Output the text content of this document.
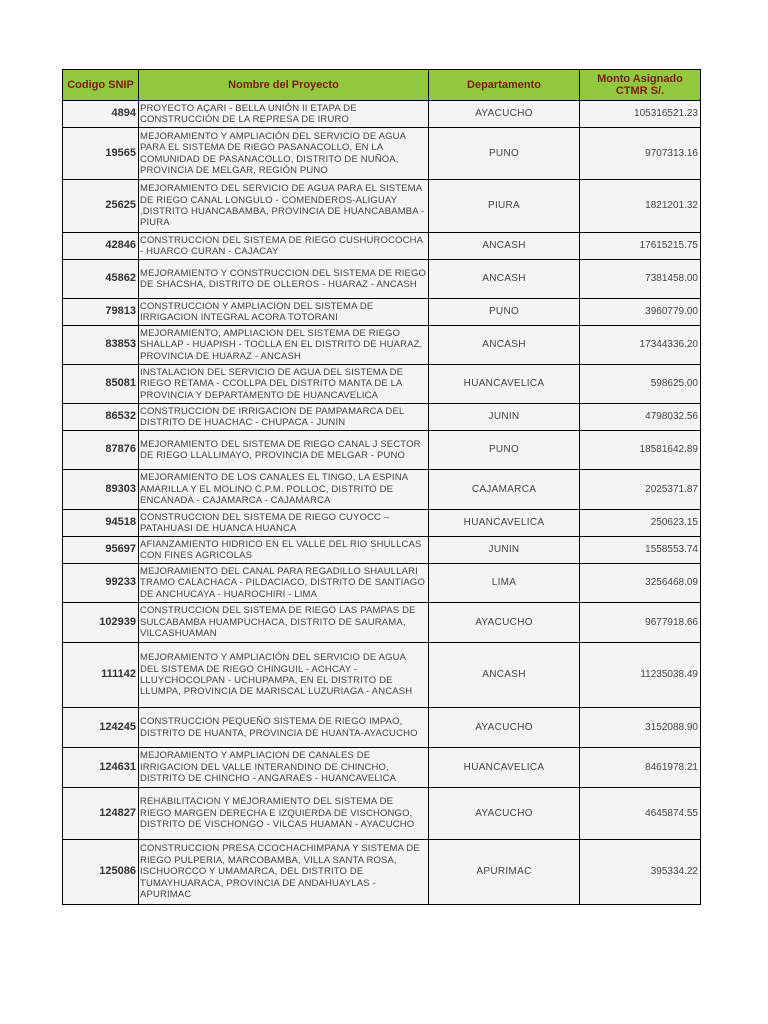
Codigo SNIP	Nombre del Proyecto	Departamento	Monto Asignado CTMR S/.
4894	PROYECTO AÇARI - BELLA UNIÓN II ETAPA DE CONSTRUCCIÓN DE LA REPRESA DE IRURO	AYACUCHO	105316521.23
19565	MEJORAMIENTO Y AMPLIACIÓN DEL SERVICIO DE AGUA PARA EL SISTEMA DE RIEGO PASANACOLLO, EN LA COMUNIDAD DE PASANACOLLO, DISTRITO DE NUÑOA, PROVINCIA DE MELGAR, REGIÓN PUNO	PUNO	9707313.16
25625	MEJORAMIENTO DEL SERVICIO DE AGUA PARA EL SISTEMA DE RIEGO CANAL LONGULO - COMENDEROS-ALIGUAY ,DISTRITO HUANCABAMBA, PROVINCIA DE HUANCABAMBA - PIURA	PIURA	1821201.32
42846	CONSTRUCCION DEL SISTEMA DE RIEGO CUSHUROCOCHA - HUARCO CURAN - CAJACAY	ANCASH	17615215.75
45862	MEJORAMIENTO Y CONSTRUCCION DEL SISTEMA DE RIEGO DE SHACSHA, DISTRITO DE OLLEROS - HUARAZ - ANCASH	ANCASH	7381458.00
79813	CONSTRUCCION Y AMPLIACION DEL SISTEMA DE IRRIGACION INTEGRAL ACORA TOTORANI	PUNO	3960779.00
83853	MEJORAMIENTO, AMPLIACION DEL SISTEMA DE RIEGO SHALLAP - HUAPISH - TOCLLA EN EL DISTRITO DE HUARAZ, PROVINCIA DE HUARAZ - ANCASH	ANCASH	17344336.20
85081	INSTALACION DEL SERVICIO DE AGUA DEL SISTEMA DE RIEGO RETAMA - CCOLLPA DEL DISTRITO MANTA DE LA PROVINCIA Y DEPARTAMENTO DE HUANCAVELICA	HUANCAVELICA	598625.00
86532	CONSTRUCCION DE IRRIGACION DE PAMPAMARCA DEL DISTRITO DE HUACHAC - CHUPACA - JUNIN	JUNIN	4798032.56
87876	MEJORAMIENTO DEL SISTEMA DE RIEGO CANAL J SECTOR DE RIEGO LLALLIMAYO, PROVINCIA DE MELGAR - PUNO	PUNO	18581642.89
89303	MEJORAMIENTO DE LOS CANALES EL TINGO, LA ESPINA AMARILLA Y EL MOLINO C.P.M. POLLOC, DISTRITO DE ENCANADA - CAJAMARCA - CAJAMARCA	CAJAMARCA	2025371.87
94518	CONSTRUCCION DEL SISTEMA DE RIEGO CUYOCC – PATAHUASI DE HUANCA HUANCA	HUANCAVELICA	250623.15
95697	AFIANZAMIENTO HIDRICO EN EL VALLE DEL RIO SHULLCAS CON FINES AGRICOLAS	JUNIN	1558553.74
99233	MEJORAMIENTO DEL CANAL PARA REGADILLO SHAULLARI TRAMO CALACHACA - PILDACIACO, DISTRITO DE SANTIAGO DE ANCHUCAYA - HUAROCHIRI - LIMA	LIMA	3256468.09
102939	CONSTRUCCION DEL SISTEMA DE RIEGO LAS PAMPAS DE SULCABAMBA HUAMPUCHACA, DISTRITO DE SAURAMA, VILCASHUAMAN	AYACUCHO	9677918.66
111142	MEJORAMIENTO Y AMPLIACIÓN DEL SERVICIO DE AGUA DEL SISTEMA DE RIEGO CHINGUIL - ACHCAY - LLUYCHOCOLPAN - UCHUPAMPA, EN EL DISTRITO DE LLUMPA, PROVINCIA DE MARISCAL LUZURIAGA - ANCASH	ANCASH	11235038.49
124245	CONSTRUCCION PEQUEÑO SISTEMA DE RIEGO IMPAO, DISTRITO DE HUANTA, PROVINCIA DE HUANTA-AYACUCHO	AYACUCHO	3152088.90
124631	MEJORAMIENTO Y AMPLIACION DE CANALES DE IRRIGACION DEL VALLE INTERANDINO DE CHINCHO, DISTRITO DE CHINCHO - ANGARAES - HUANCAVELICA	HUANCAVELICA	8461978.21
124827	REHABILITACION Y MEJORAMIENTO DEL SISTEMA DE RIEGO MARGEN DERECHA E IZQUIERDA DE VISCHONGO, DISTRITO DE VISCHONGO - VILCAS HUAMAN - AYACUCHO	AYACUCHO	4645874.55
125086	CONSTRUCCION PRESA CCOCHACHIMPANA Y SISTEMA DE RIEGO PULPERIA, MARCOBAMBA, VILLA SANTA ROSA, ISCHUORCCO Y UMAMARCA, DEL DISTRITO DE TUMAYHUARACA, PROVINCIA DE ANDAHUAYLAS - APURIMAC	APURIMAC	395334.22
